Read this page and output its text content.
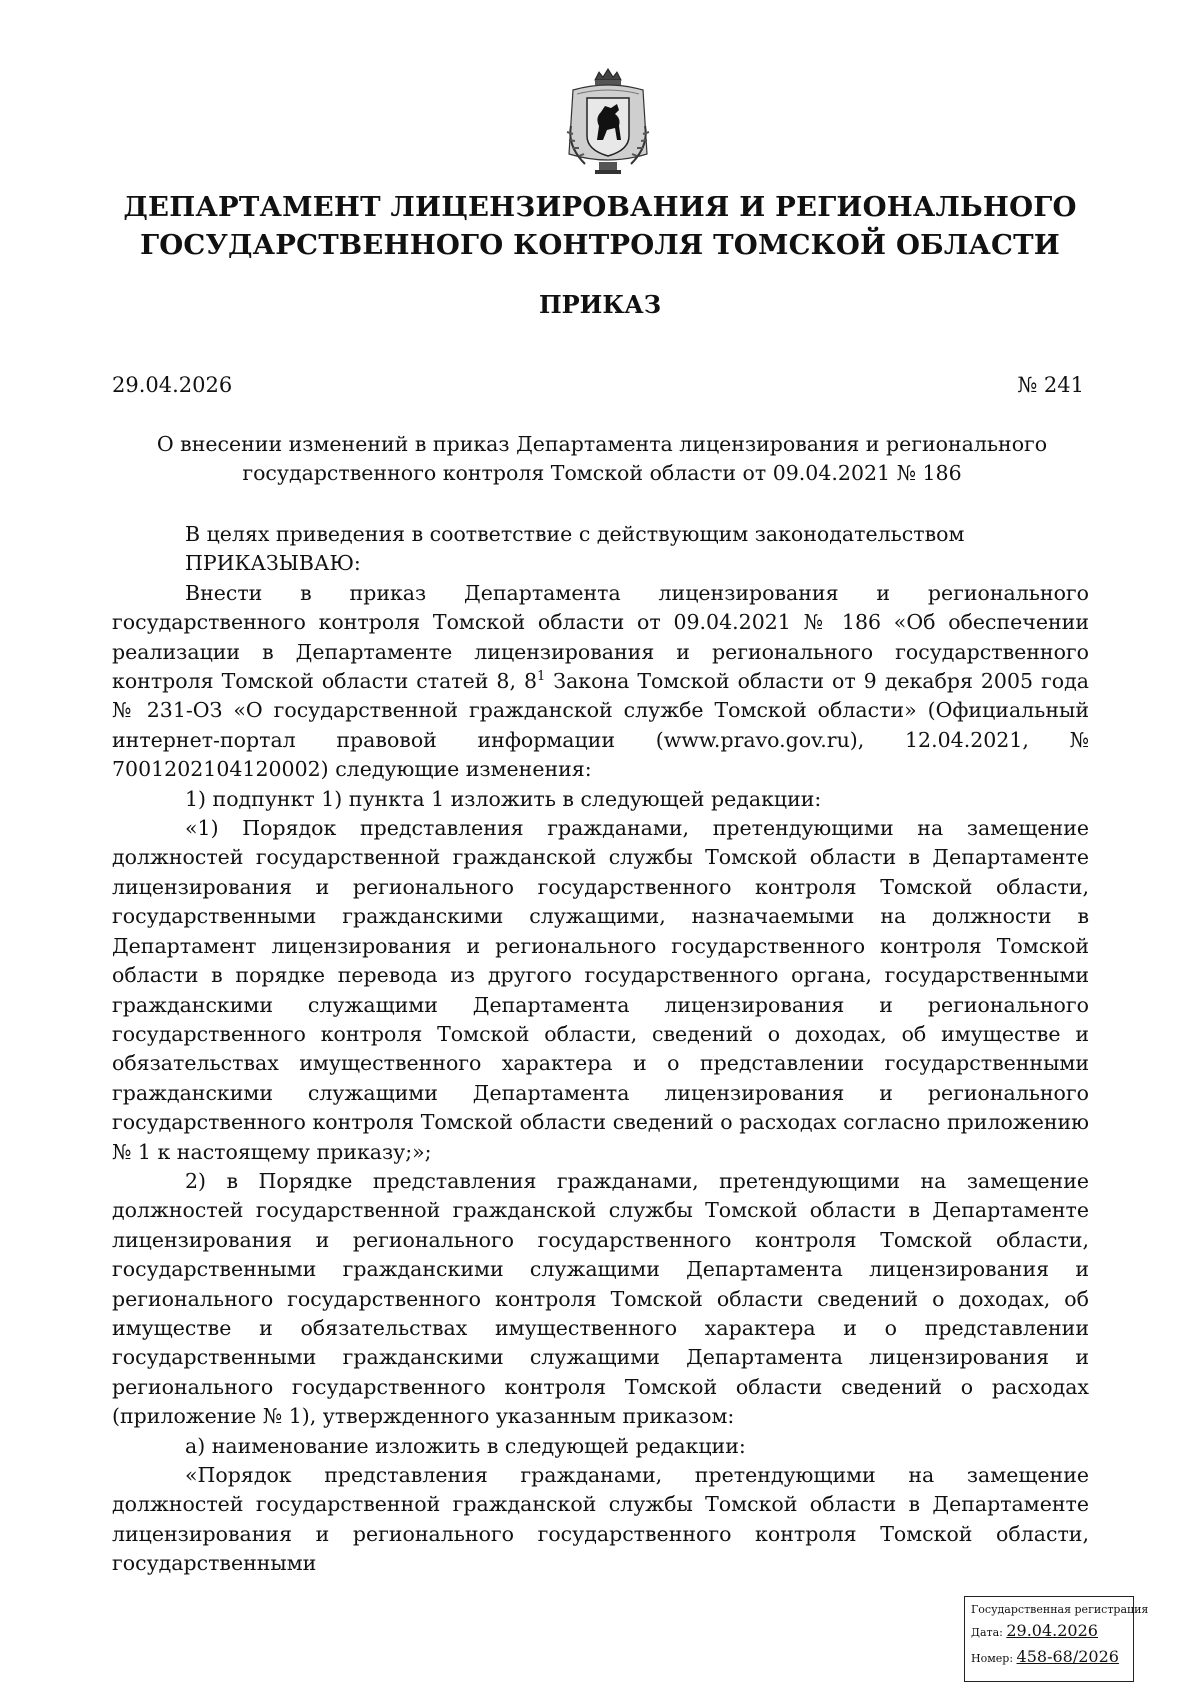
ДЕПАРТАМЕНТ ЛИЦЕНЗИРОВАНИЯ И РЕГИОНАЛЬНОГО
ГОСУДАРСТВЕННОГО КОНТРОЛЯ ТОМСКОЙ ОБЛАСТИ
ПРИКАЗ
29.04.2026	№ 241
О внесении изменений в приказ Департамента лицензирования и регионального
государственного контроля Томской области от 09.04.2021 № 186

В целях приведения в соответствие с действующим законодательством

ПРИКАЗЫВАЮ:

Внести в приказ Департамента лицензирования и регионального государственного контроля Томской области от 09.04.2021 № 186 «Об обеспечении реализации в Департаменте лицензирования и регионального государственного контроля Томской области статей 8, $8^1$ Закона Томской области от 9 декабря 2005 года № 231-ОЗ «О государственной гражданской службе Томской области» (Официальный интернет-портал правовой информации (www.pravo.gov.ru), 12.04.2021, № 7001202104120002) следующие изменения:

1) подпункт 1) пункта 1 изложить в следующей редакции:

«1) Порядок представления гражданами, претендующими на замещение должностей государственной гражданской службы Томской области в Департаменте лицензирования и регионального государственного контроля Томской области, государственными гражданскими служащими, назначаемыми на должности в Департамент лицензирования и регионального государственного контроля Томской области в порядке перевода из другого государственного органа, государственными гражданскими служащими Департамента лицензирования и регионального государственного контроля Томской области, сведений о доходах, об имуществе и обязательствах имущественного характера и о представлении государственными гражданскими служащими Департамента лицензирования и регионального государственного контроля Томской области сведений о расходах согласно приложению № 1 к настоящему приказу;»;

2) в Порядке представления гражданами, претендующими на замещение должностей государственной гражданской службы Томской области в Департаменте лицензирования и регионального государственного контроля Томской области, государственными гражданскими служащими Департамента лицензирования и регионального государственного контроля Томской области сведений о доходах, об имуществе и обязательствах имущественного характера и о представлении государственными гражданскими служащими Департамента лицензирования и регионального государственного контроля Томской области сведений о расходах (приложение № 1), утвержденного указанным приказом:

а) наименование изложить в следующей редакции:

«Порядок представления гражданами, претендующими на замещение должностей государственной гражданской службы Томской области в Департаменте лицензирования и регионального государственного контроля Томской области, государственными

Государственная регистрация
Дата: 29.04.2026
Номер: 458-68/2026
